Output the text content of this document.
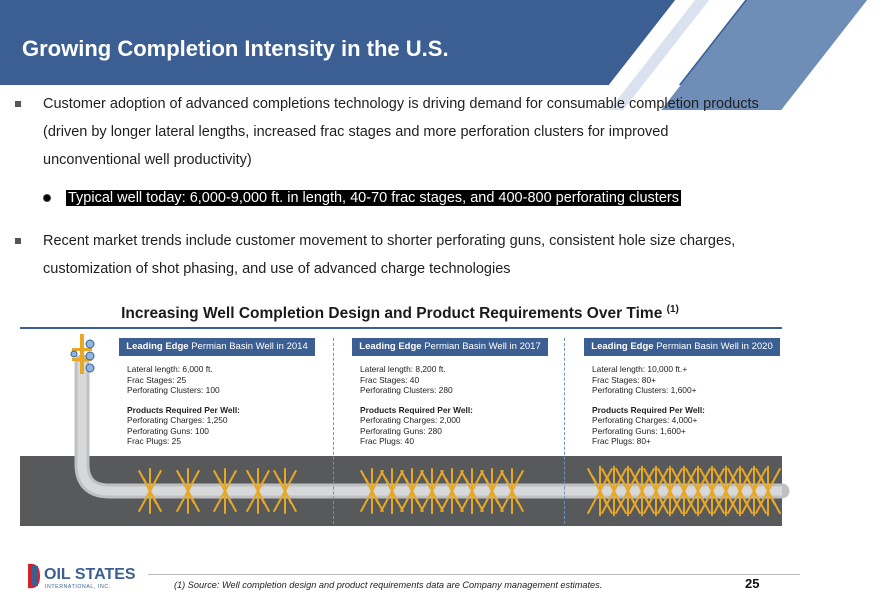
Growing Completion Intensity in the U.S.
Customer adoption of advanced completions technology is driving demand for consumable completion products (driven by longer lateral lengths, increased frac stages and more perforation clusters for improved unconventional well productivity)
Typical well today: 6,000-9,000 ft. in length, 40-70 frac stages, and 400-800 perforating clusters
Recent market trends include customer movement to shorter perforating guns, consistent hole size charges, customization of shot phasing, and use of advanced charge technologies
Increasing Well Completion Design and Product Requirements Over Time $^{(1)}$
Leading Edge Permian Basin Well in 2014
Lateral length: 6,000 ft.
Frac Stages: 25
Perforating Clusters: 100
Products Required Per Well:
Perforating Charges: 1,250
Perforating Guns: 100
Frac Plugs: 25
Leading Edge Permian Basin Well in 2017
Lateral length: 8,200 ft.
Frac Stages: 40
Perforating Clusters: 280
Products Required Per Well:
Perforating Charges: 2,000
Perforating Guns: 280
Frac Plugs: 40
Leading Edge Permian Basin Well in 2020
Lateral length: 10,000 ft.+
Frac Stages: 80+
Perforating Clusters: 1,600+
Products Required Per Well:
Perforating Charges: 4,000+
Perforating Guns: 1,600+
Frac Plugs: 80+
OIL STATES
INTERNATIONAL, INC.	(1) Source: Well completion design and product requirements data are Company management estimates.	25
